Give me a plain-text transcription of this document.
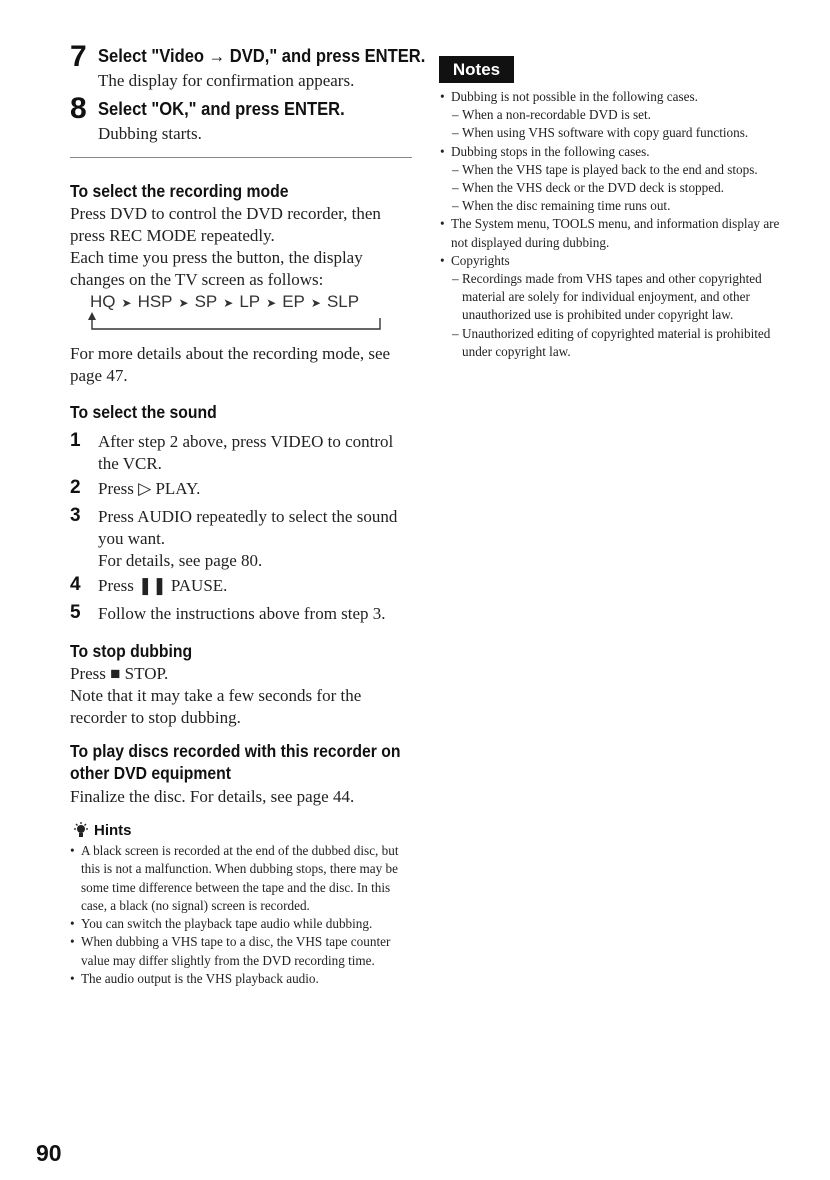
7 Select "Video → DVD," and press ENTER.
The display for confirmation appears.
8 Select "OK," and press ENTER.
Dubbing starts.
To select the recording mode
Press DVD to control the DVD recorder, then press REC MODE repeatedly.
Each time you press the button, the display changes on the TV screen as follows:
HQ ➤ HSP ➤ SP ➤ LP ➤ EP ➤ SLP
For more details about the recording mode, see page 47.
To select the sound
1 After step 2 above, press VIDEO to control the VCR.
2 Press ▷ PLAY.
3 Press AUDIO repeatedly to select the sound you want.
For details, see page 80.
4 Press ❚❚ PAUSE.
5 Follow the instructions above from step 3.
To stop dubbing
Press ■ STOP.
Note that it may take a few seconds for the recorder to stop dubbing.
To play discs recorded with this recorder on
other DVD equipment
Finalize the disc. For details, see page 44.
Hints
• A black screen is recorded at the end of the dubbed disc, but this is not a malfunction. When dubbing stops, there may be some time difference between the tape and the disc. In this case, a black (no signal) screen is recorded.
• You can switch the playback tape audio while dubbing.
• When dubbing a VHS tape to a disc, the VHS tape counter value may differ slightly from the DVD recording time.
• The audio output is the VHS playback audio.
Notes
• Dubbing is not possible in the following cases.
– When a non-recordable DVD is set.
– When using VHS software with copy guard functions.
• Dubbing stops in the following cases.
– When the VHS tape is played back to the end and stops.
– When the VHS deck or the DVD deck is stopped.
– When the disc remaining time runs out.
• The System menu, TOOLS menu, and information display are not displayed during dubbing.
• Copyrights
– Recordings made from VHS tapes and other copyrighted material are solely for individual enjoyment, and other unauthorized use is prohibited under copyright law.
– Unauthorized editing of copyrighted material is prohibited under copyright law.
90
